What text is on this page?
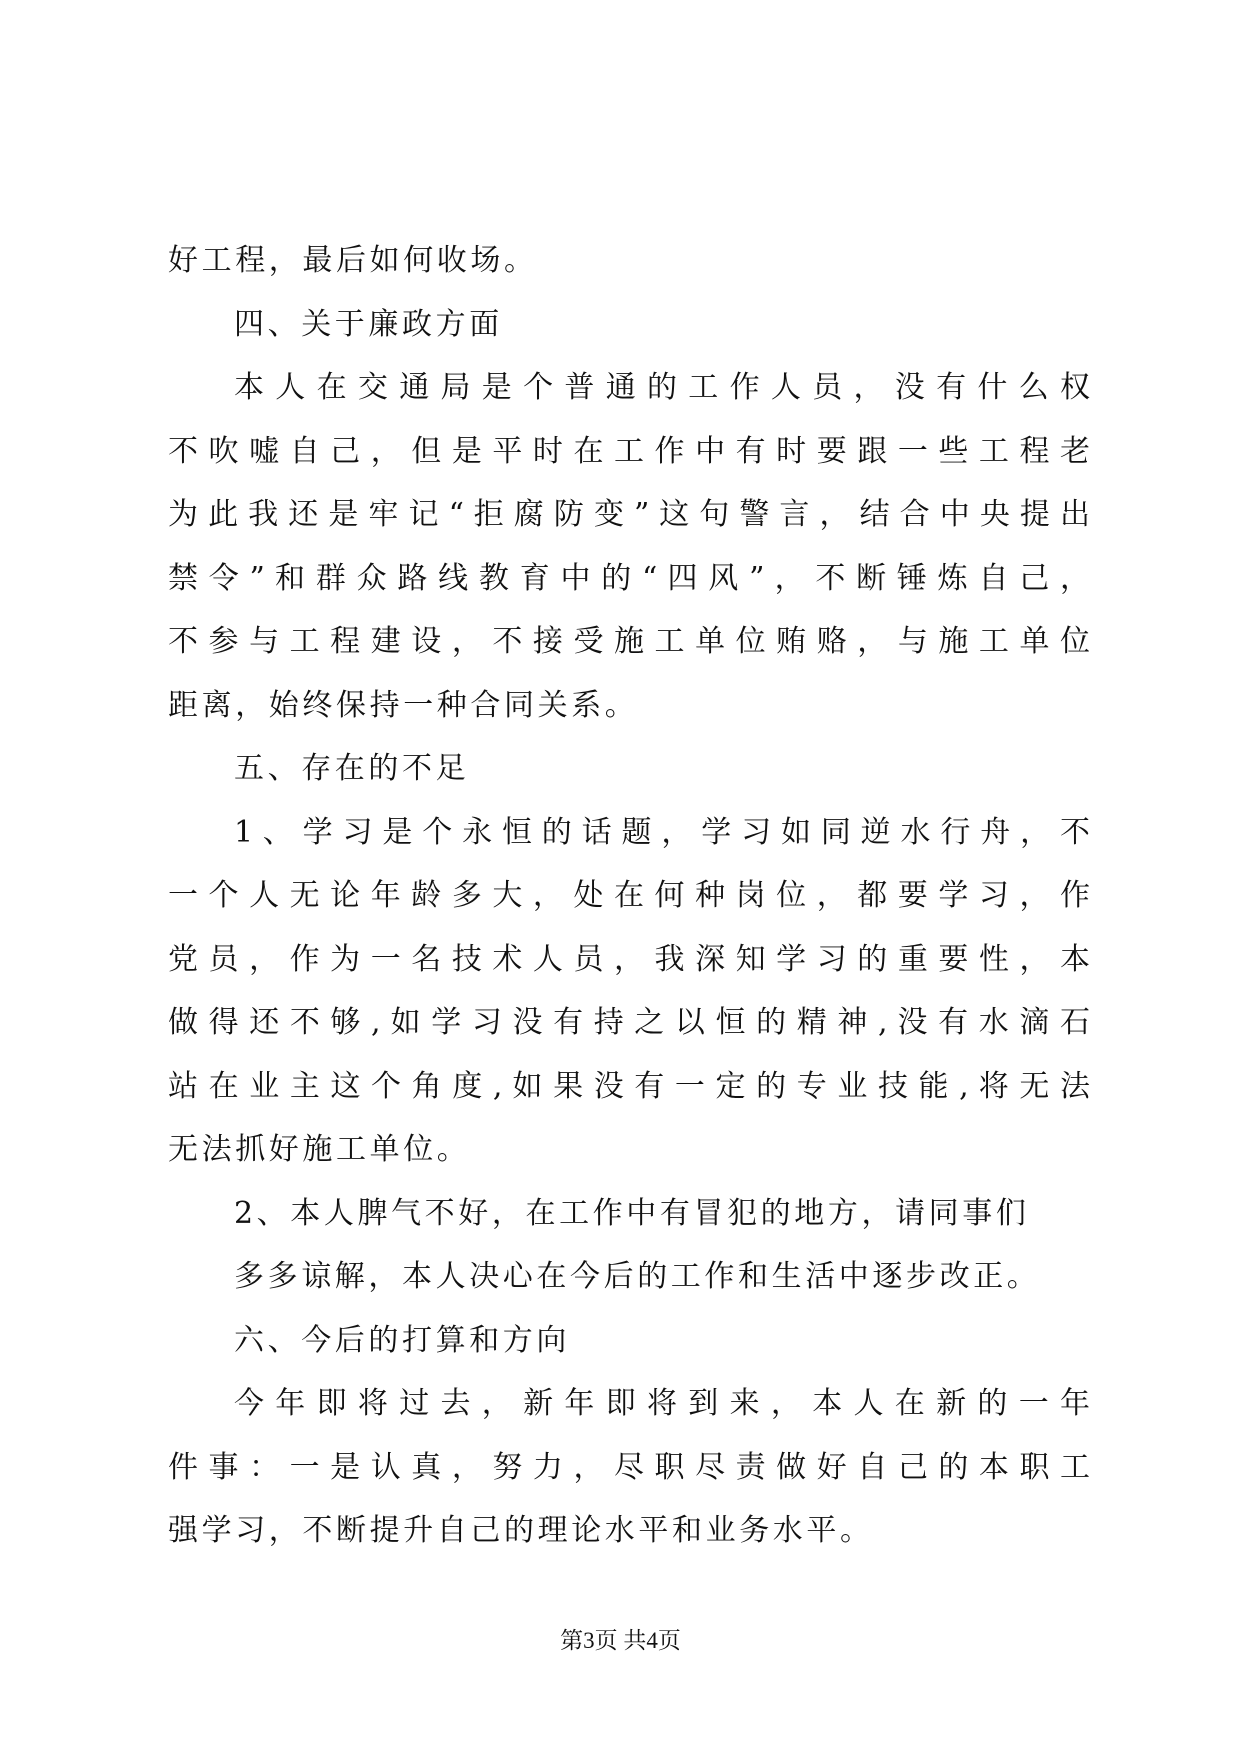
好工程，最后如何收场。
四、关于廉政方面
本​ 人​ 在​ 交​ 通​ 局​ 是​ 个​ 普​ 通​ 的​ 工​ 作​ 人​ 员​ ，​ 没​ 有​ 什​ 么​ 权​
不​ 吹​ 嘘​ 自​ 己​ ，​ 但​ 是​ 平​ 时​ 在​ 工​ 作​ 中​ 有​ 时​ 要​ 跟​ 一​ 些​ 工​ 程​ 老​
为​ 此​ 我​ 还​ 是​ 牢​ 记​ “​ 拒​ 腐​ 防​ 变​ ”​ 这​ 句​ 警​ 言​ ，​ 结​ 合​ 中​ 央​ 提​ 出​
禁​ 令​ ”​ 和​ 群​ 众​ 路​ 线​ 教​ 育​ 中​ 的​ “​ 四​ 风​ ”​ ，​ 不​ 断​ 锤​ 炼​ 自​ 己​ ，​
不​ 参​ 与​ 工​ 程​ 建​ 设​ ，​ 不​ 接​ 受​ 施​ 工​ 单​ 位​ 贿​ 赂​ ，​ 与​ 施​ 工​ 单​ 位​
距离，始终保持一种合同关系。
五、存在的不足
1​ 、​ 学​ 习​ 是​ 个​ 永​ 恒​ 的​ 话​ 题​ ，​ 学​ 习​ 如​ 同​ 逆​ 水​ 行​ 舟​ ，​ 不​
一​ 个​ 人​ 无​ 论​ 年​ 龄​ 多​ 大​ ，​ 处​ 在​ 何​ 种​ 岗​ 位​ ，​ 都​ 要​ 学​ 习​ ，​ 作​
党​ 员​ ，​ 作​ 为​ 一​ 名​ 技​ 术​ 人​ 员​ ，​ 我​ 深​ 知​ 学​ 习​ 的​ 重​ 要​ 性​ ，​ 本​
做​ 得​ 还​ 不​ 够​ ,​ 如​ 学​ 习​ 没​ 有​ 持​ 之​ 以​ 恒​ 的​ 精​ 神​ ,​ 没​ 有​ 水​ 滴​ 石​
站​ 在​ 业​ 主​ 这​ 个​ 角​ 度​ ,​ 如​ 果​ 没​ 有​ 一​ 定​ 的​ 专​ 业​ 技​ 能​ ,​ 将​ 无​ 法​
无法抓好施工单位。
2、本人脾气不好，在工作中有冒犯的地方，请同事们
多多谅解，本人决心在今后的工作和生活中逐步改正。
六、今后的打算和方向
今​ 年​ 即​ 将​ 过​ 去​ ，​ 新​ 年​ 即​ 将​ 到​ 来​ ，​ 本​ 人​ 在​ 新​ 的​ 一​ 年​
件​ 事​ ：​ 一​ 是​ 认​ 真​ ，​ 努​ 力​ ，​ 尽​ 职​ 尽​ 责​ 做​ 好​ 自​ 己​ 的​ 本​ 职​ 工​
强学习，不断提升自己的理论水平和业务水平。
第3页 共4页
